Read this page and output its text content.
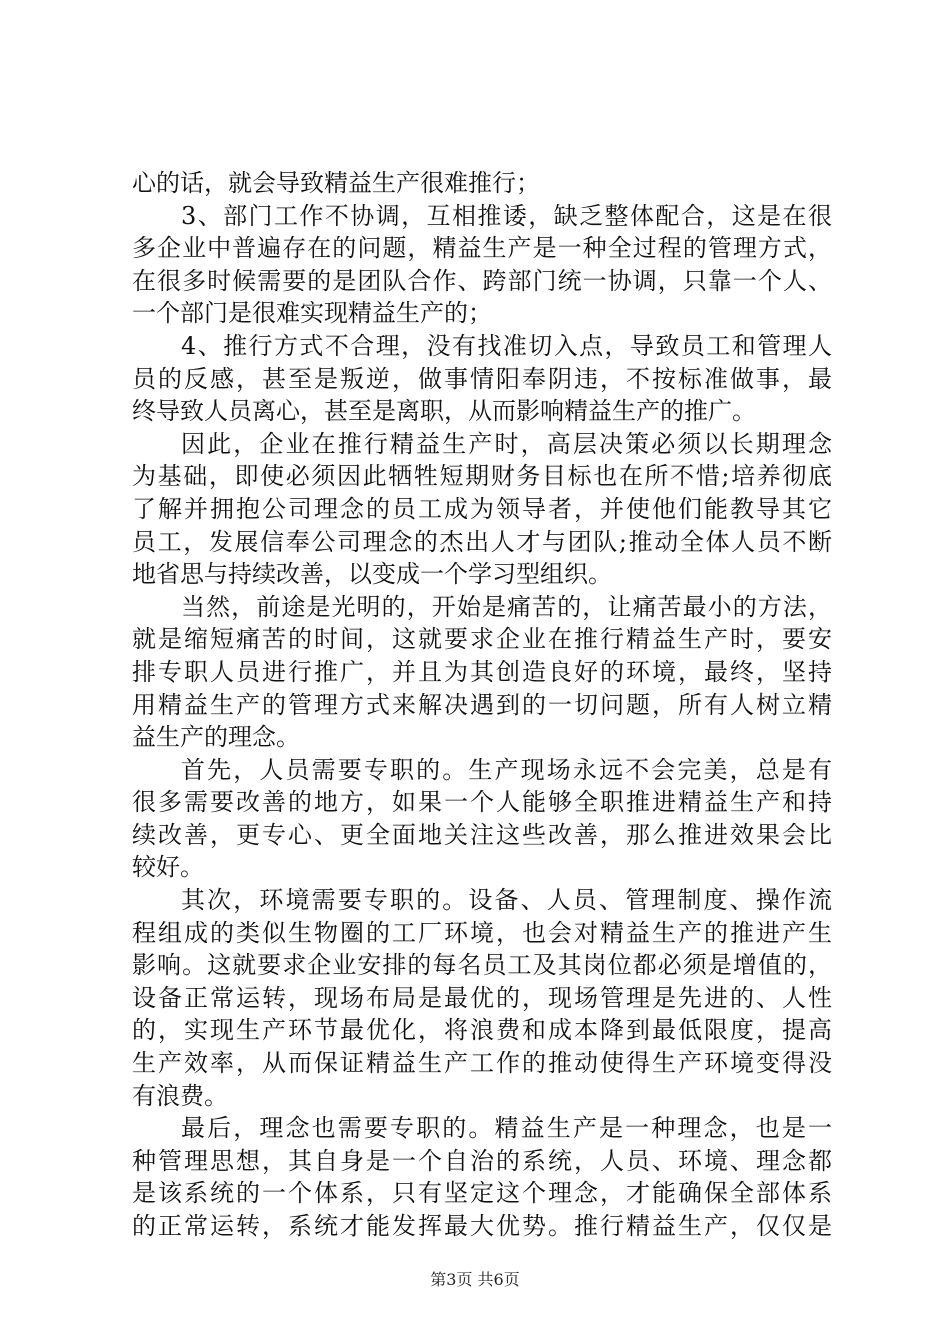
心的话，就会导致精益生产很难推行；
3、部门工作不协调，互相推诿，缺乏整体配合，这是在很
多企业中普遍存在的问题，精益生产是一种全过程的管理方式，
在很多时候需要的是团队合作、跨部门统一协调，只靠一个人、
一个部门是很难实现精益生产的；
4、推行方式不合理，没有找准切入点，导致员工和管理人
员的反感，甚至是叛逆，做事情阳奉阴违，不按标准做事，最
终导致人员离心，甚至是离职，从而影响精益生产的推广。
因此，企业在推行精益生产时，高层决策必须以长期理念
为基础，即使必须因此牺牲短期财务目标也在所不惜;培养彻底
了解并拥抱公司理念的员工成为领导者，并使他们能教导其它
员工，发展信奉公司理念的杰出人才与团队;推动全体人员不断
地省思与持续改善，以变成一个学习型组织。
当然，前途是光明的，开始是痛苦的，让痛苦最小的方法，
就是缩短痛苦的时间，这就要求企业在推行精益生产时，要安
排专职人员进行推广，并且为其创造良好的环境，最终，坚持
用精益生产的管理方式来解决遇到的一切问题，所有人树立精
益生产的理念。
首先，人员需要专职的。生产现场永远不会完美，总是有
很多需要改善的地方，如果一个人能够全职推进精益生产和持
续改善，更专心、更全面地关注这些改善，那么推进效果会比
较好。
其次，环境需要专职的。设备、人员、管理制度、操作流
程组成的类似生物圈的工厂环境，也会对精益生产的推进产生
影响。这就要求企业安排的每名员工及其岗位都必须是增值的，
设备正常运转，现场布局是最优的，现场管理是先进的、人性
的，实现生产环节最优化，将浪费和成本降到最低限度，提高
生产效率，从而保证精益生产工作的推动使得生产环境变得没
有浪费。
最后，理念也需要专职的。精益生产是一种理念，也是一
种管理思想，其自身是一个自治的系统，人员、环境、理念都
是该系统的一个体系，只有坚定这个理念，才能确保全部体系
的正常运转，系统才能发挥最大优势。推行精益生产，仅仅是
第3页 共6页
